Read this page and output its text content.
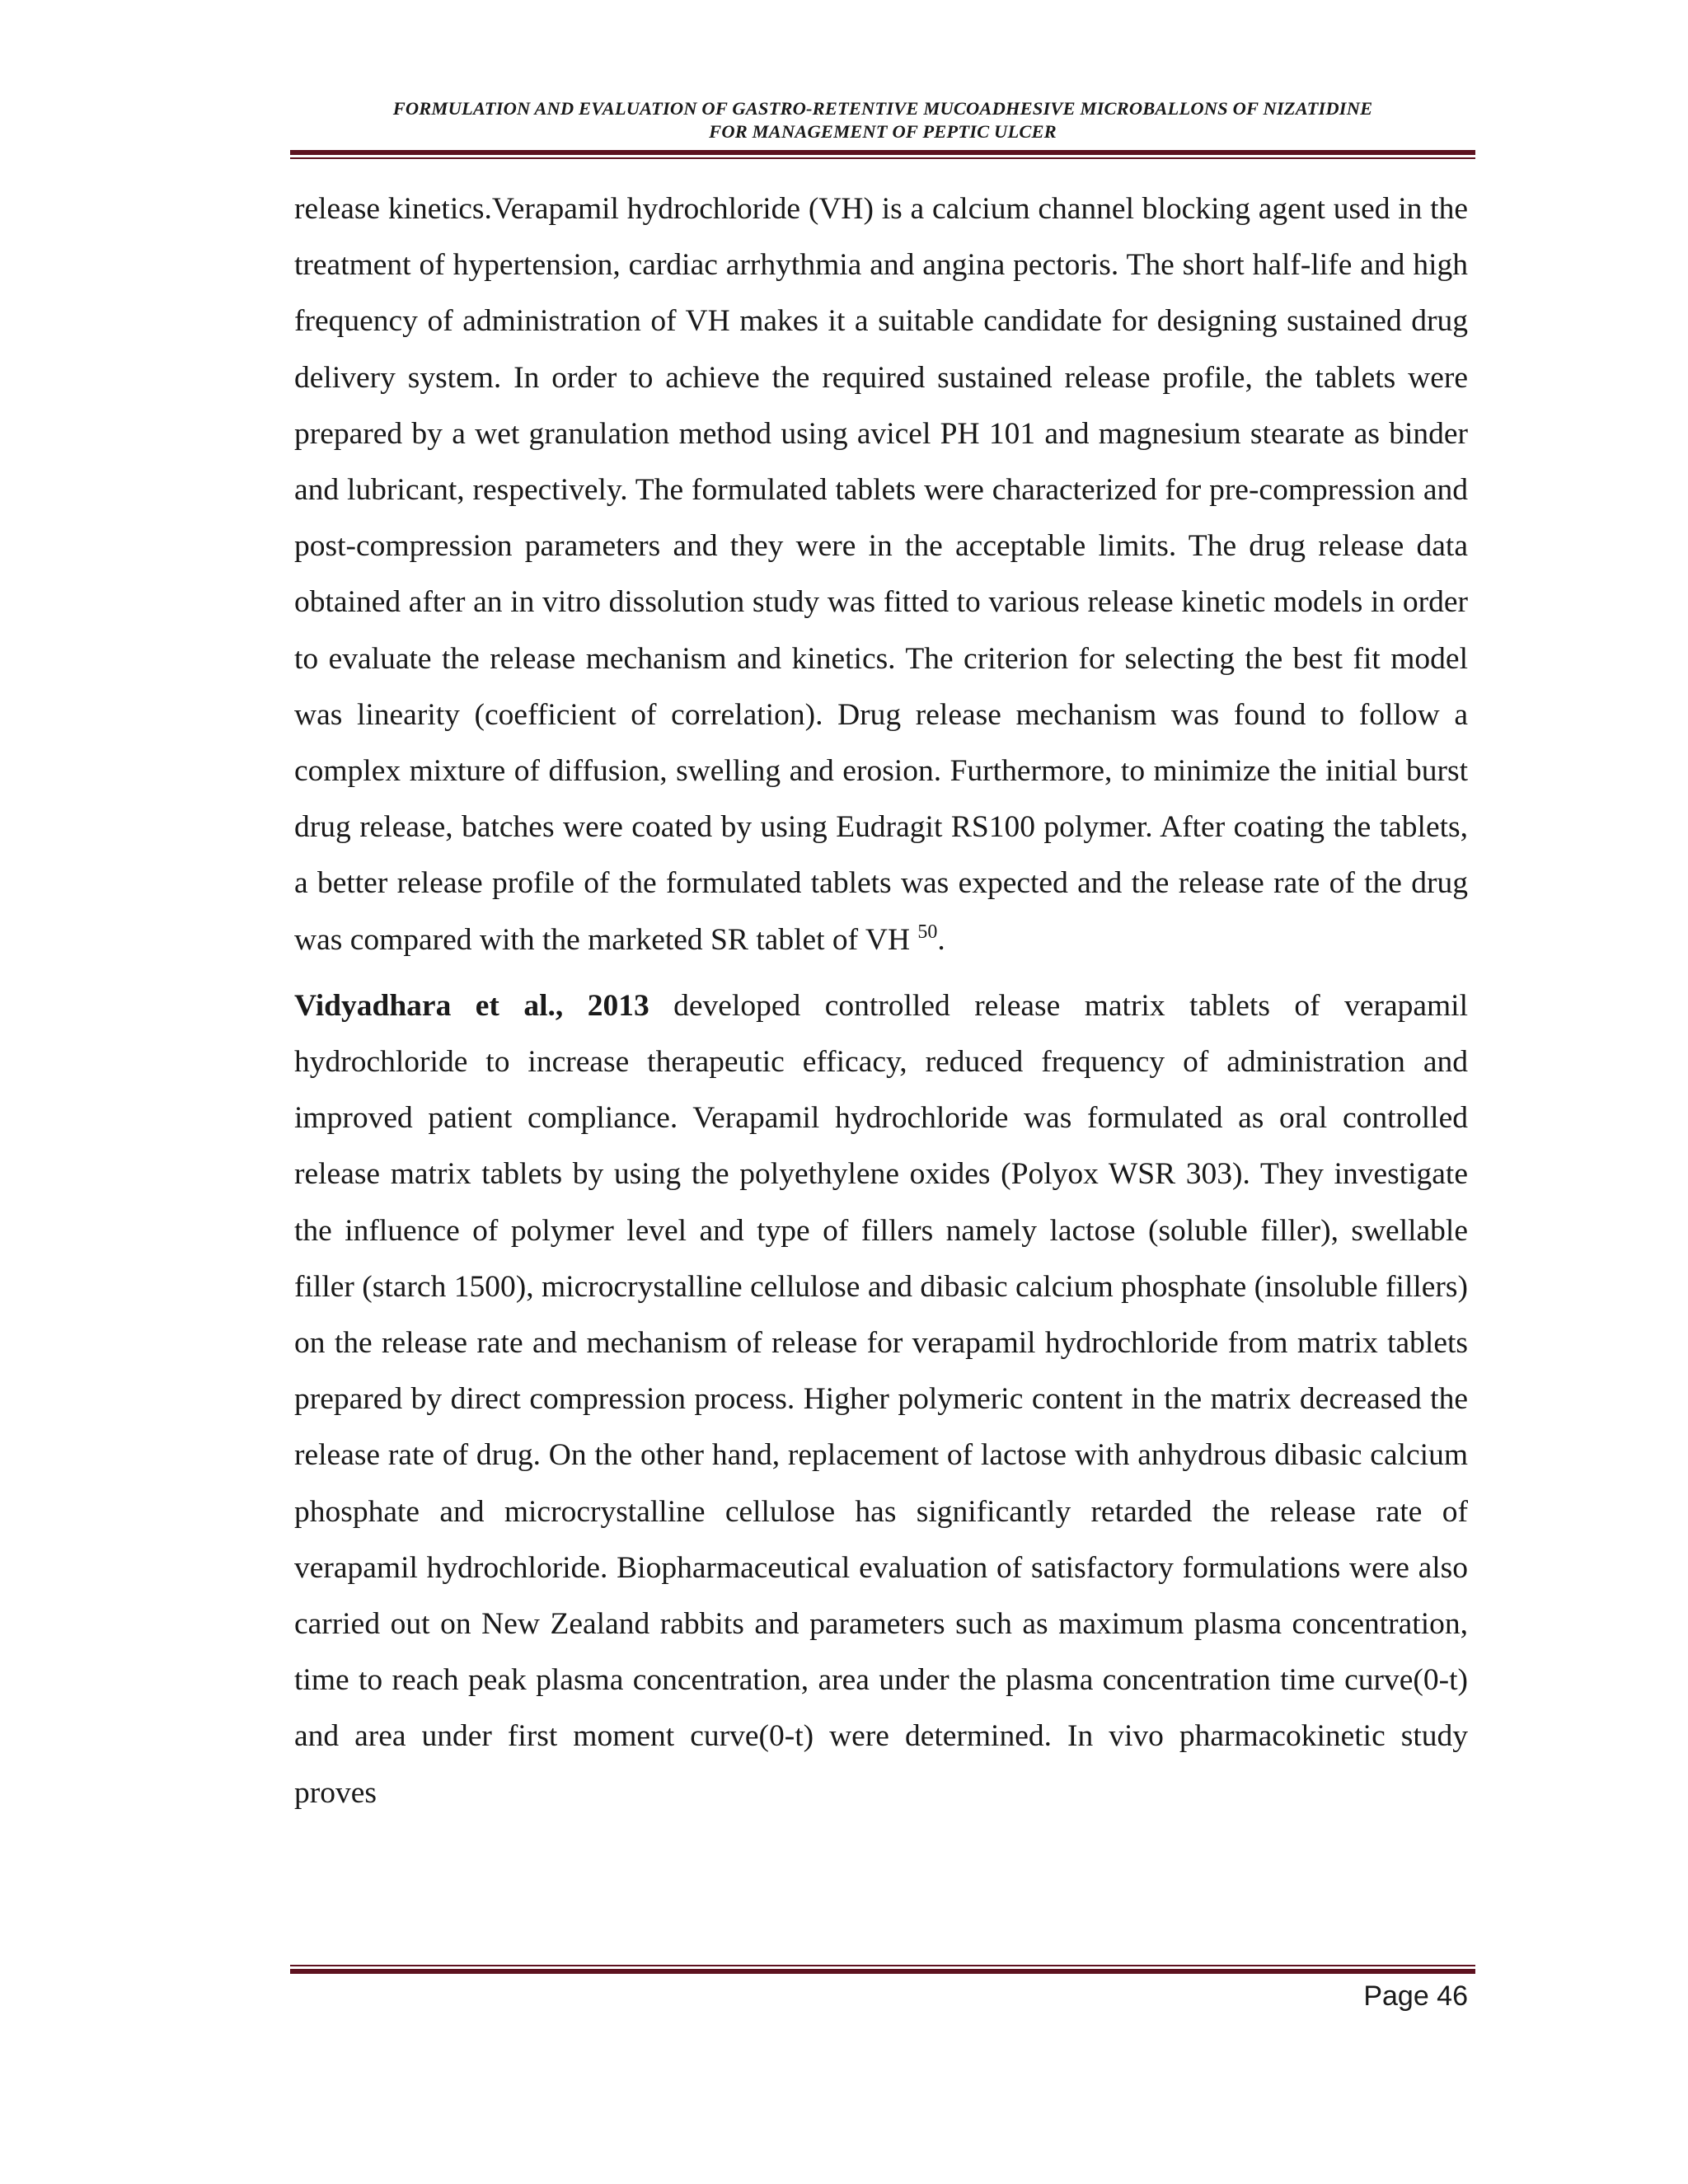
FORMULATION AND EVALUATION OF GASTRO-RETENTIVE MUCOADHESIVE MICROBALLONS OF NIZATIDINE
FOR MANAGEMENT OF PEPTIC ULCER

release kinetics.Verapamil hydrochloride (VH) is a calcium channel blocking agent used in the treatment of hypertension, cardiac arrhythmia and angina pectoris. The short half-life and high frequency of administration of VH makes it a suitable candidate for designing sustained drug delivery system. In order to achieve the required sustained release profile, the tablets were prepared by a wet granulation method using avicel PH 101 and magnesium stearate as binder and lubricant, respectively. The formulated tablets were characterized for pre-compression and post-compression parameters and they were in the acceptable limits. The drug release data obtained after an in vitro dissolution study was fitted to various release kinetic models in order to evaluate the release mechanism and kinetics. The criterion for selecting the best fit model was linearity (coefficient of correlation). Drug release mechanism was found to follow a complex mixture of diffusion, swelling and erosion. Furthermore, to minimize the initial burst drug release, batches were coated by using Eudragit RS100 polymer. After coating the tablets, a better release profile of the formulated tablets was expected and the release rate of the drug was compared with the marketed SR tablet of VH $^{50}$.

Vidyadhara et al., 2013 developed controlled release matrix tablets of verapamil hydrochloride to increase therapeutic efficacy, reduced frequency of administration and improved patient compliance. Verapamil hydrochloride was formulated as oral controlled release matrix tablets by using the polyethylene oxides (Polyox WSR 303). They investigate the influence of polymer level and type of fillers namely lactose (soluble filler), swellable filler (starch 1500), microcrystalline cellulose and dibasic calcium phosphate (insoluble fillers) on the release rate and mechanism of release for verapamil hydrochloride from matrix tablets prepared by direct compression process. Higher polymeric content in the matrix decreased the release rate of drug. On the other hand, replacement of lactose with anhydrous dibasic calcium phosphate and microcrystalline cellulose has significantly retarded the release rate of verapamil hydrochloride. Biopharmaceutical evaluation of satisfactory formulations were also carried out on New Zealand rabbits and parameters such as maximum plasma concentration, time to reach peak plasma concentration, area under the plasma concentration time curve(0-t) and area under first moment curve(0-t) were determined. In vivo pharmacokinetic study proves

Page 46
